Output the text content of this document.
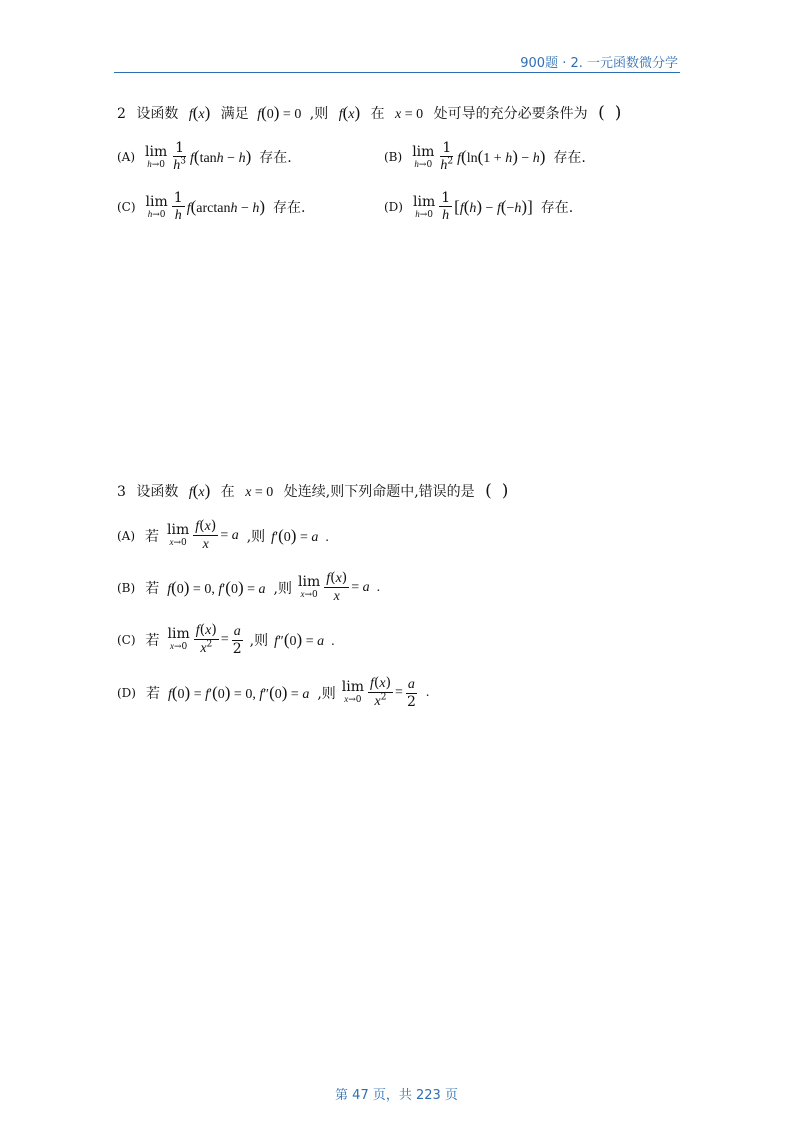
900题 · 2. 一元函数微分学
2 设函数 f(x) 满足 f(0) = 0 ,则 f(x) 在 x = 0 处可导的充分必要条件为 ()
(A) lim
$h\to 0 \frac{1}{h^3} f(\tanh - h)$ 存在.	(B) lim
$h\to 0 \frac{1}{h^2} f(\ln(1 + h) - h)$ 存在.
(C) lim
$h\to 0 \frac{1}{h} f(\arctan h - h)$ 存在.	(D) lim
$h\to 0 \frac{1}{h} [f(h) - f(-h)]$ 存在.
3 设函数 f(x) 在 x = 0 处连续,则下列命题中,错误的是 ()
(A) 若 lim
$x\to 0 \frac{f(x)}{x} = a$ ,则 f′(0) = a  .
(B) 若 f(0) = 0, f′(0) = a ,则 lim
$x\to 0 \frac{f(x)}{x} = a$  .
(C) 若 lim
$x\to 0 \frac{f(x)}{x^2} = \frac{a}{2}$ ,则 f″(0) = a  .
(D) 若 f(0) = f′(0) = 0, f″(0) = a ,则 lim
$x\to 0 \frac{f(x)}{x^2} = \frac{a}{2}$ .
第 47 页，共 223 页
